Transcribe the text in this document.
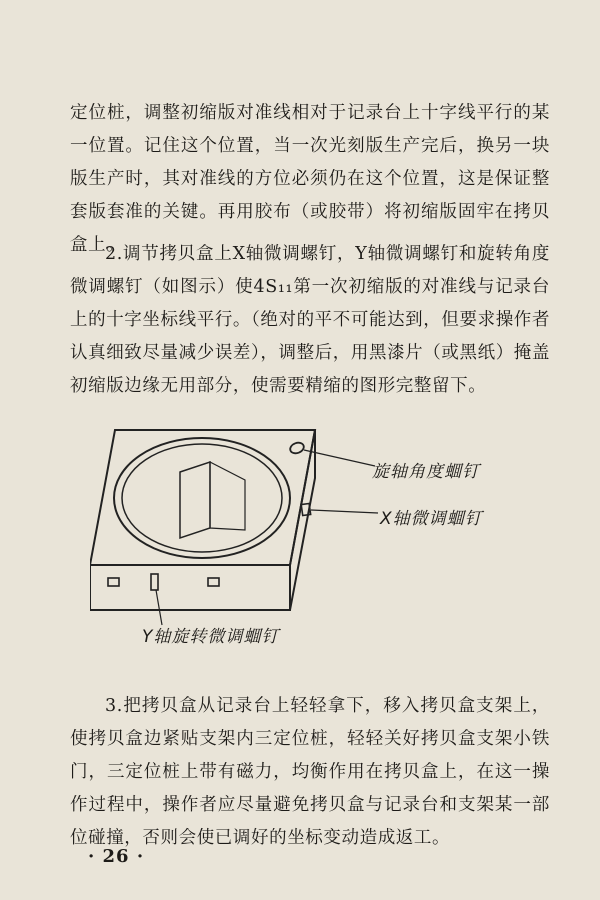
定位桩，调整初缩版对准线相对于记录台上十字线平行的某一位置。记住这个位置，当一次光刻版生产完后，换另一块版生产时，其对准线的方位必须仍在这个位置，这是保证整套版套准的关键。再用胶布（或胶带）将初缩版固牢在拷贝盒上。

2.调节拷贝盒上X轴微调螺钉，Y轴微调螺钉和旋转角度微调螺钉（如图示）使4S₁₁第一次初缩版的对准线与记录台上的十字坐标线平行。（绝对的平不可能达到，但要求操作者认真细致尽量减少误差），调整后，用黑漆片（或黑纸）掩盖初缩版边缘无用部分，使需要精缩的图形完整留下。

旋轴角度蜖钉
X轴微调蜖钉
Y轴旋转微调蜖钉

3.把拷贝盒从记录台上轻轻拿下，移入拷贝盒支架上，使拷贝盒边紧贴支架内三定位桩，轻轻关好拷贝盒支架小铁门，三定位桩上带有磁力，均衡作用在拷贝盒上，在这一操作过程中，操作者应尽量避免拷贝盒与记录台和支架某一部位碰撞，否则会使已调好的坐标变动造成返工。

· 26 ·
